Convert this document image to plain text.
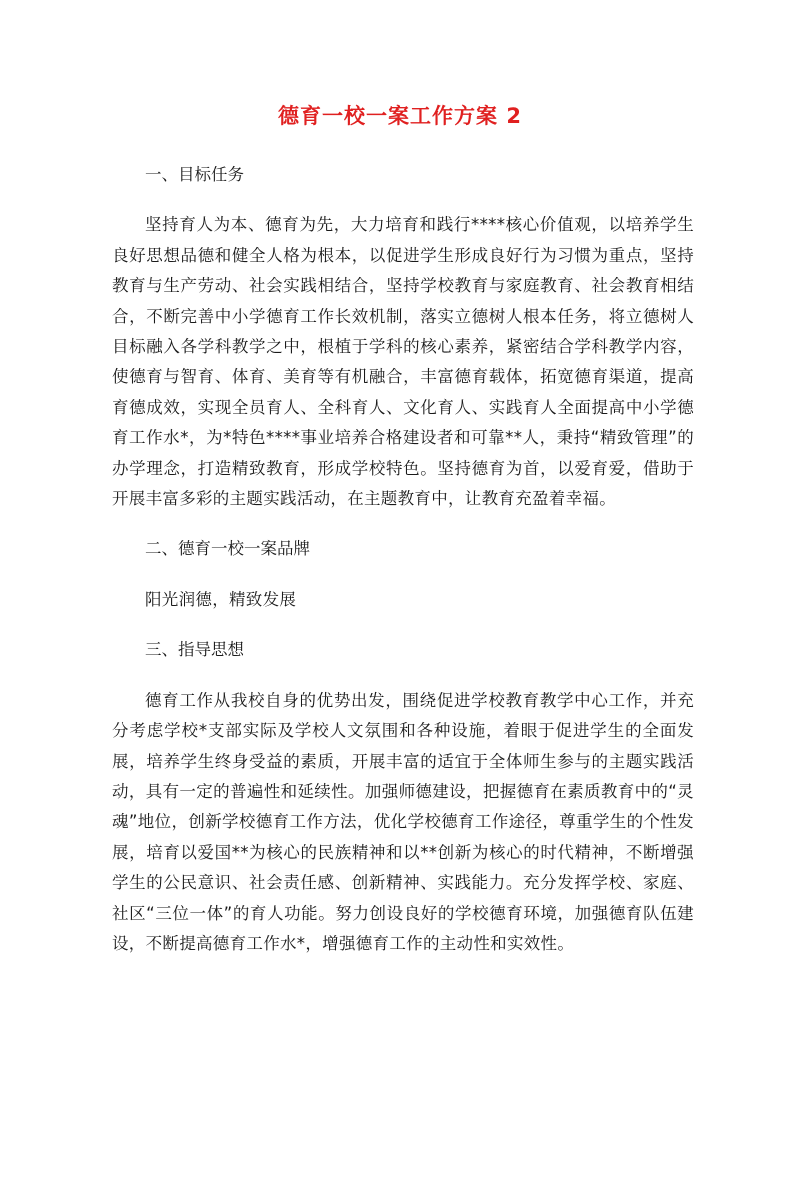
德育一校一案工作方案 2

一、目标任务

坚持育人为本、德育为先，大力培育和践行****核心价值观，以培养学生良好思想品德和健全人格为根本，以促进学生形成良好行为习惯为重点，坚持教育与生产劳动、社会实践相结合，坚持学校教育与家庭教育、社会教育相结合，不断完善中小学德育工作长效机制，落实立德树人根本任务，将立德树人目标融入各学科教学之中，根植于学科的核心素养，紧密结合学科教学内容，使德育与智育、体育、美育等有机融合，丰富德育载体，拓宽德育渠道，提高育德成效，实现全员育人、全科育人、文化育人、实践育人全面提高中小学德育工作水*，为*特色****事业培养合格建设者和可靠**人，秉持“精致管理”的办学理念，打造精致教育，形成学校特色。坚持德育为首，以爱育爱，借助于开展丰富多彩的主题实践活动，在主题教育中，让教育充盈着幸福。

二、德育一校一案品牌

阳光润德，精致发展

三、指导思想

德育工作从我校自身的优势出发，围绕促进学校教育教学中心工作，并充分考虑学校*支部实际及学校人文氛围和各种设施，着眼于促进学生的全面发展，培养学生终身受益的素质，开展丰富的适宜于全体师生参与的主题实践活动，具有一定的普遍性和延续性。加强师德建设，把握德育在素质教育中的“灵魂”地位，创新学校德育工作方法，优化学校德育工作途径，尊重学生的个性发展，培育以爱国**为核心的民族精神和以**创新为核心的时代精神，不断增强学生的公民意识、社会责任感、创新精神、实践能力。充分发挥学校、家庭、社区“三位一体”的育人功能。努力创设良好的学校德育环境，加强德育队伍建设，不断提高德育工作水*，增强德育工作的主动性和实效性。
